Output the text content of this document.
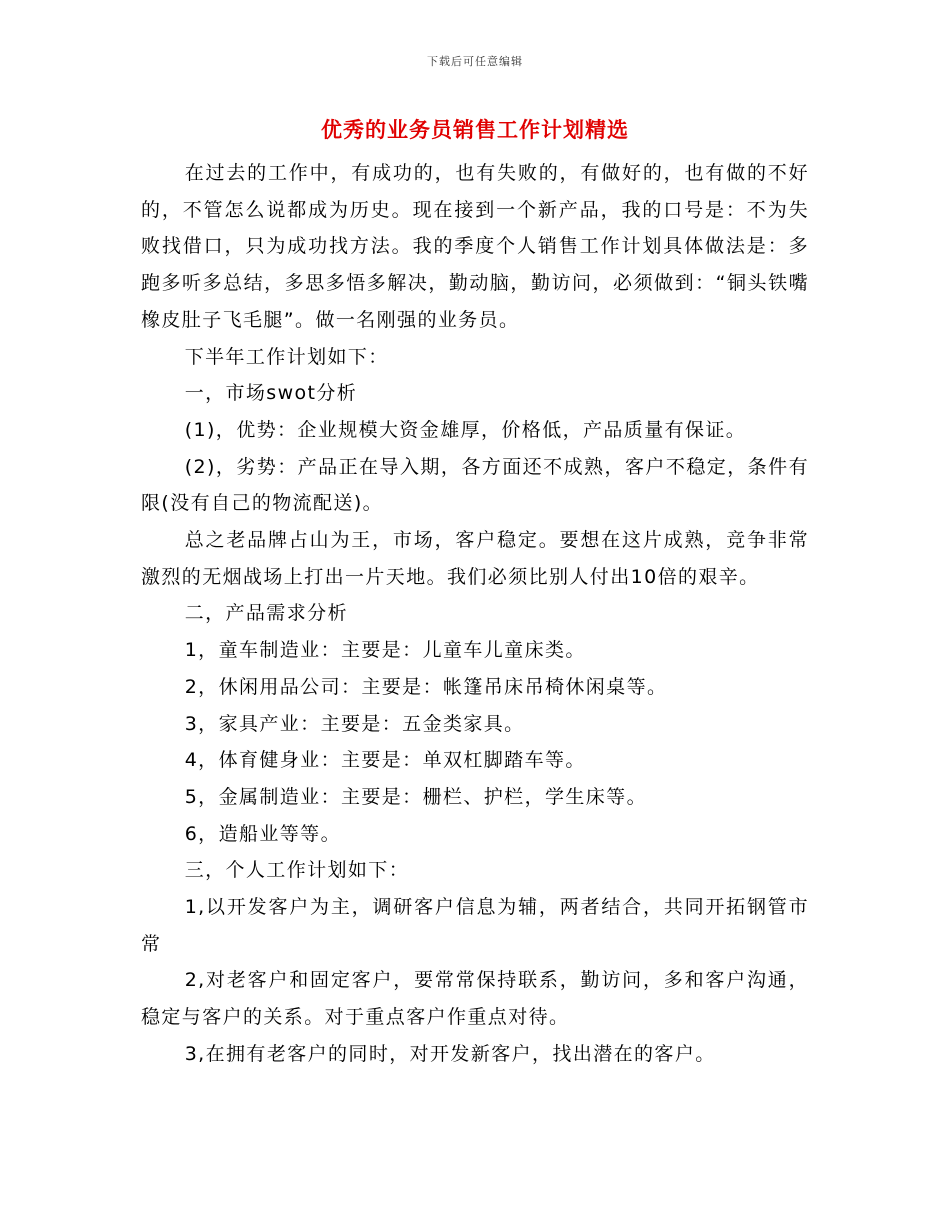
下载后可任意编辑
优秀的业务员销售工作计划精选

在过去的工作中，有成功的，也有失败的，有做好的，也有做的不好的，不管怎么说都成为历史。现在接到一个新产品，我的口号是：不为失败找借口，只为成功找方法。我的季度个人销售工作计划具体做法是：多跑多听多总结，多思多悟多解决，勤动脑，勤访问，必须做到：“铜头铁嘴橡皮肚子飞毛腿”。做一名刚强的业务员。

下半年工作计划如下：

一，市场swot分析

(1)，优势：企业规模大资金雄厚，价格低，产品质量有保证。

(2)，劣势：产品正在导入期，各方面还不成熟，客户不稳定，条件有限(没有自己的物流配送)。

总之老品牌占山为王，市场，客户稳定。要想在这片成熟，竞争非常激烈的无烟战场上打出一片天地。我们必须比别人付出10倍的艰辛。

二，产品需求分析

1，童车制造业：主要是：儿童车儿童床类。

2，休闲用品公司：主要是：帐篷吊床吊椅休闲桌等。

3，家具产业：主要是：五金类家具。

4，体育健身业：主要是：单双杠脚踏车等。

5，金属制造业：主要是：栅栏、护栏，学生床等。

6，造船业等等。

三，个人工作计划如下：

1,以开发客户为主，调研客户信息为辅，两者结合，共同开拓钢管市常

2,对老客户和固定客户，要常常保持联系，勤访问，多和客户沟通，稳定与客户的关系。对于重点客户作重点对待。

3,在拥有老客户的同时，对开发新客户，找出潜在的客户。
